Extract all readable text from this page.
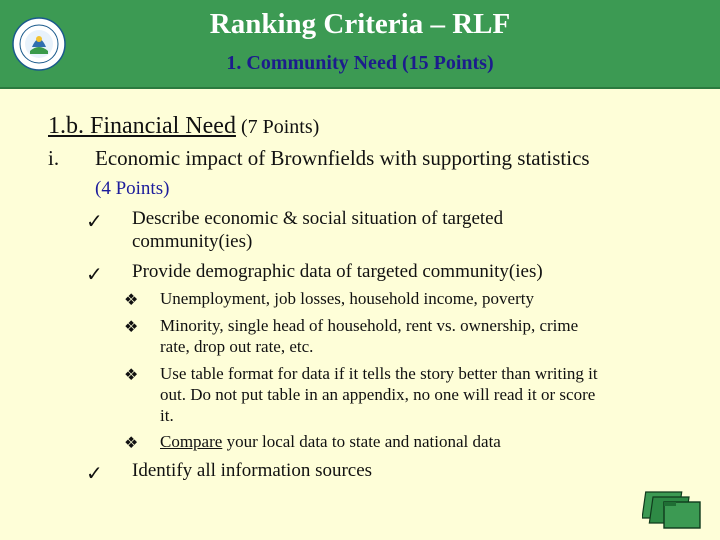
Ranking Criteria – RLF
1. Community Need (15 Points)
1.b. Financial Need (7 Points)
i. Economic impact of Brownfields with supporting statistics
(4 Points)
✓ Describe economic & social situation of targeted
community(ies)
✓ Provide demographic data of targeted community(ies)
❖ Unemployment, job losses, household income, poverty
❖ Minority, single head of household, rent vs. ownership, crime
rate, drop out rate, etc.
❖ Use table format for data if it tells the story better than writing it
out. Do not put table in an appendix, no one will read it or score
it.
❖ Compare your local data to state and national data
✓ Identify all information sources
